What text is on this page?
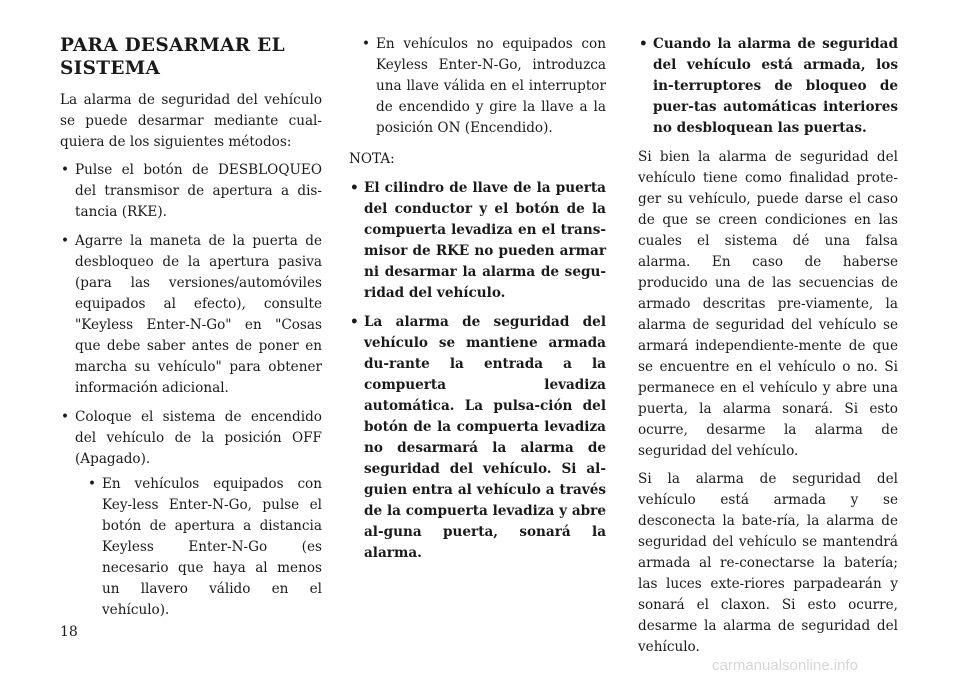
PARA DESARMAR EL SISTEMA

La alarma de seguridad del vehículo se puede desarmar mediante cual-quiera de los siguientes métodos:

• Pulse el botón de DESBLOQUEO del transmisor de apertura a dis-tancia (RKE).
• Agarre la maneta de la puerta de desbloqueo de la apertura pasiva (para las versiones/automóviles equipados al efecto), consulte "Keyless Enter-N-Go" en "Cosas que debe saber antes de poner en marcha su vehículo" para obtener información adicional.
• Coloque el sistema de encendido del vehículo de la posición OFF (Apagado).
• En vehículos equipados con Key-less Enter-N-Go, pulse el botón de apertura a distancia Keyless Enter-N-Go (es necesario que haya al menos un llavero válido en el vehículo).
• En vehículos no equipados con Keyless Enter-N-Go, introduzca una llave válida en el interruptor de encendido y gire la llave a la posición ON (Encendido).
NOTA:
• El cilindro de llave de la puerta del conductor y el botón de la compuerta levadiza en el trans-misor de RKE no pueden armar ni desarmar la alarma de segu-ridad del vehículo.
• La alarma de seguridad del vehículo se mantiene armada du-rante la entrada a la compuerta levadiza automática. La pulsa-ción del botón de la compuerta levadiza no desarmará la alarma de seguridad del vehículo. Si al-guien entra al vehículo a través de la compuerta levadiza y abre al-guna puerta, sonará la alarma.
• Cuando la alarma de seguridad del vehículo está armada, los in-terruptores de bloqueo de puer-tas automáticas interiores no desbloquean las puertas.

Si bien la alarma de seguridad del vehículo tiene como finalidad prote-ger su vehículo, puede darse el caso de que se creen condiciones en las cuales el sistema dé una falsa alarma. En caso de haberse producido una de las secuencias de armado descritas pre-viamente, la alarma de seguridad del vehículo se armará independiente-mente de que se encuentre en el vehículo o no. Si permanece en el vehículo y abre una puerta, la alarma sonará. Si esto ocurre, desarme la alarma de seguridad del vehículo.

Si la alarma de seguridad del vehículo está armada y se desconecta la bate-ría, la alarma de seguridad del vehículo se mantendrá armada al re-conectarse la batería; las luces exte-riores parpadearán y sonará el claxon. Si esto ocurre, desarme la alarma de seguridad del vehículo.

18
carmanualsonline.info
